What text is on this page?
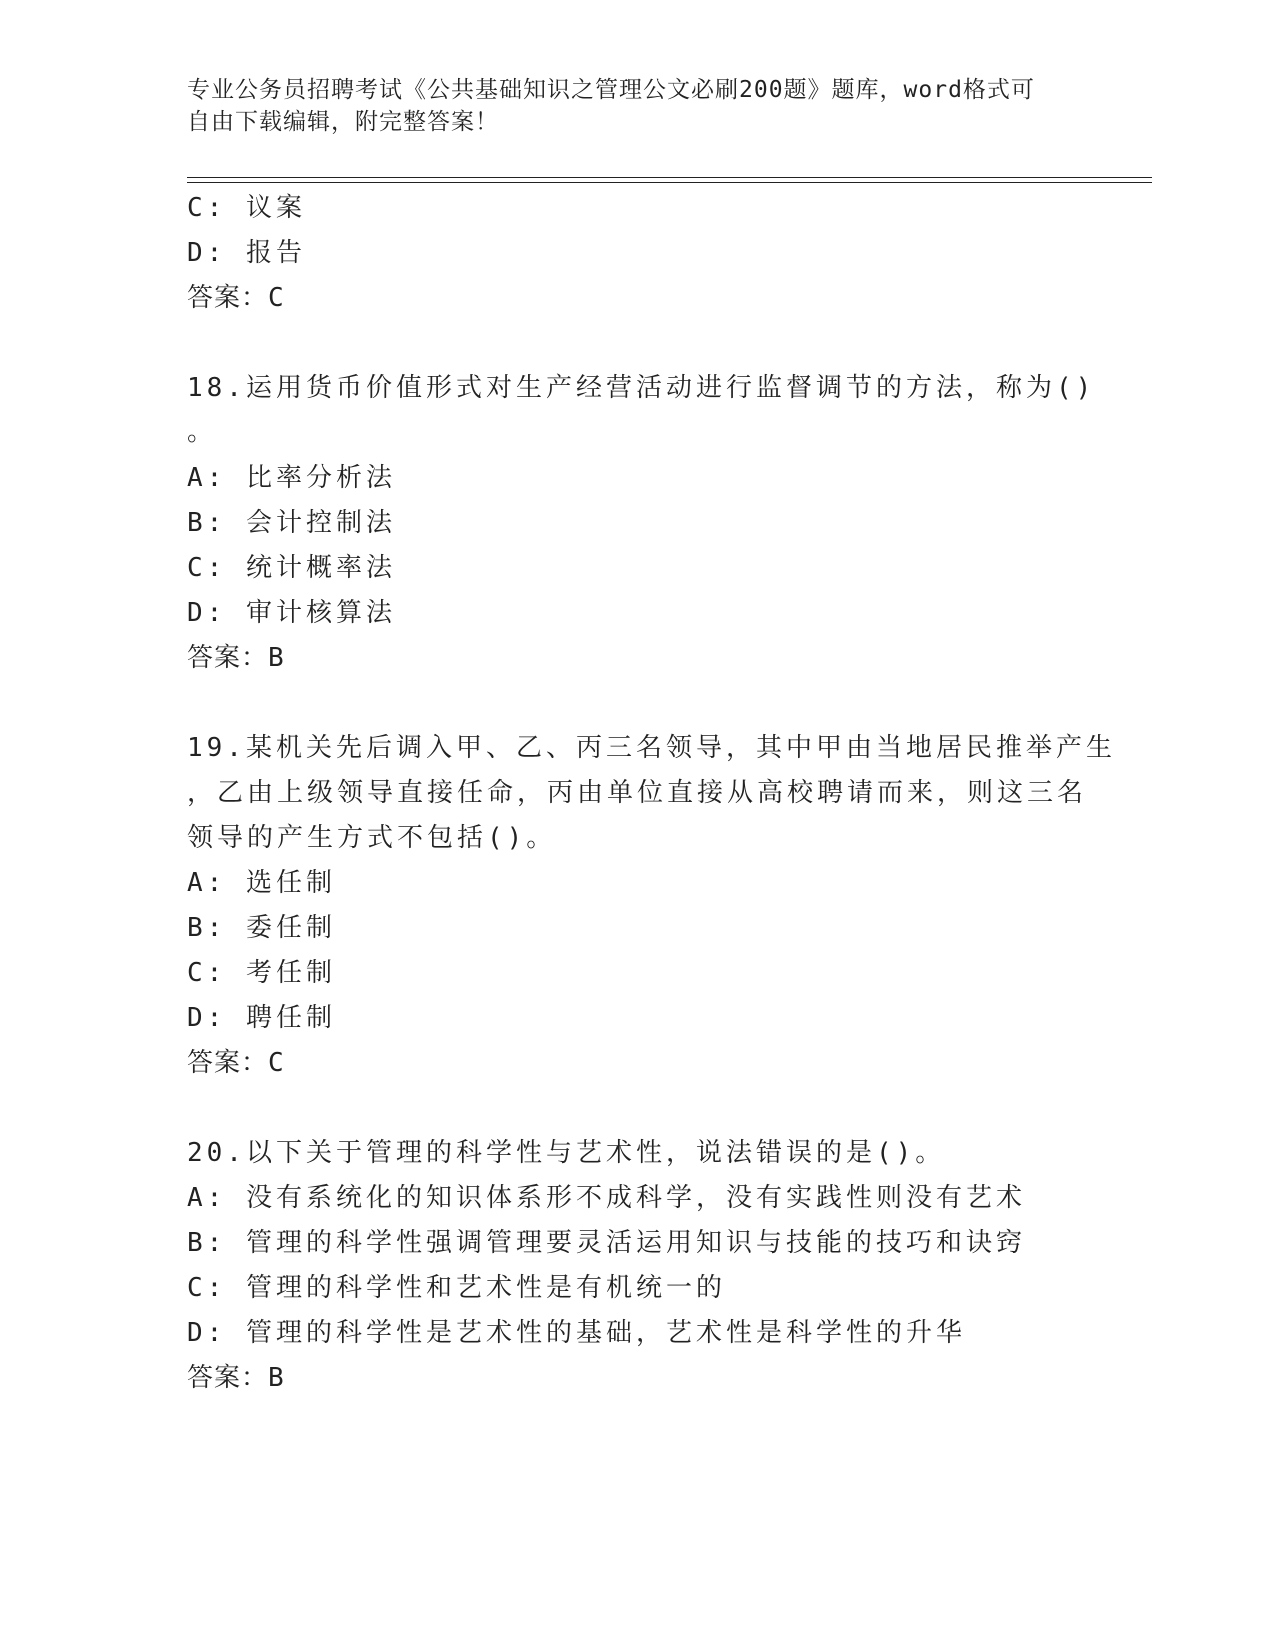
专业公务员招聘考试《公共基础知识之管理公文必刷200题》题库，word格式可
自由下载编辑，附完整答案！
C: 议案
D: 报告
答案：C
18.运用货币价值形式对生产经营活动进行监督调节的方法，称为()
。
A: 比率分析法
B: 会计控制法
C: 统计概率法
D: 审计核算法
答案：B
19.某机关先后调入甲、乙、丙三名领导，其中甲由当地居民推举产生
，乙由上级领导直接任命，丙由单位直接从高校聘请而来，则这三名
领导的产生方式不包括()。
A: 选任制
B: 委任制
C: 考任制
D: 聘任制
答案：C
20.以下关于管理的科学性与艺术性，说法错误的是()。
A: 没有系统化的知识体系形不成科学，没有实践性则没有艺术
B: 管理的科学性强调管理要灵活运用知识与技能的技巧和诀窍
C: 管理的科学性和艺术性是有机统一的
D: 管理的科学性是艺术性的基础，艺术性是科学性的升华
答案：B
